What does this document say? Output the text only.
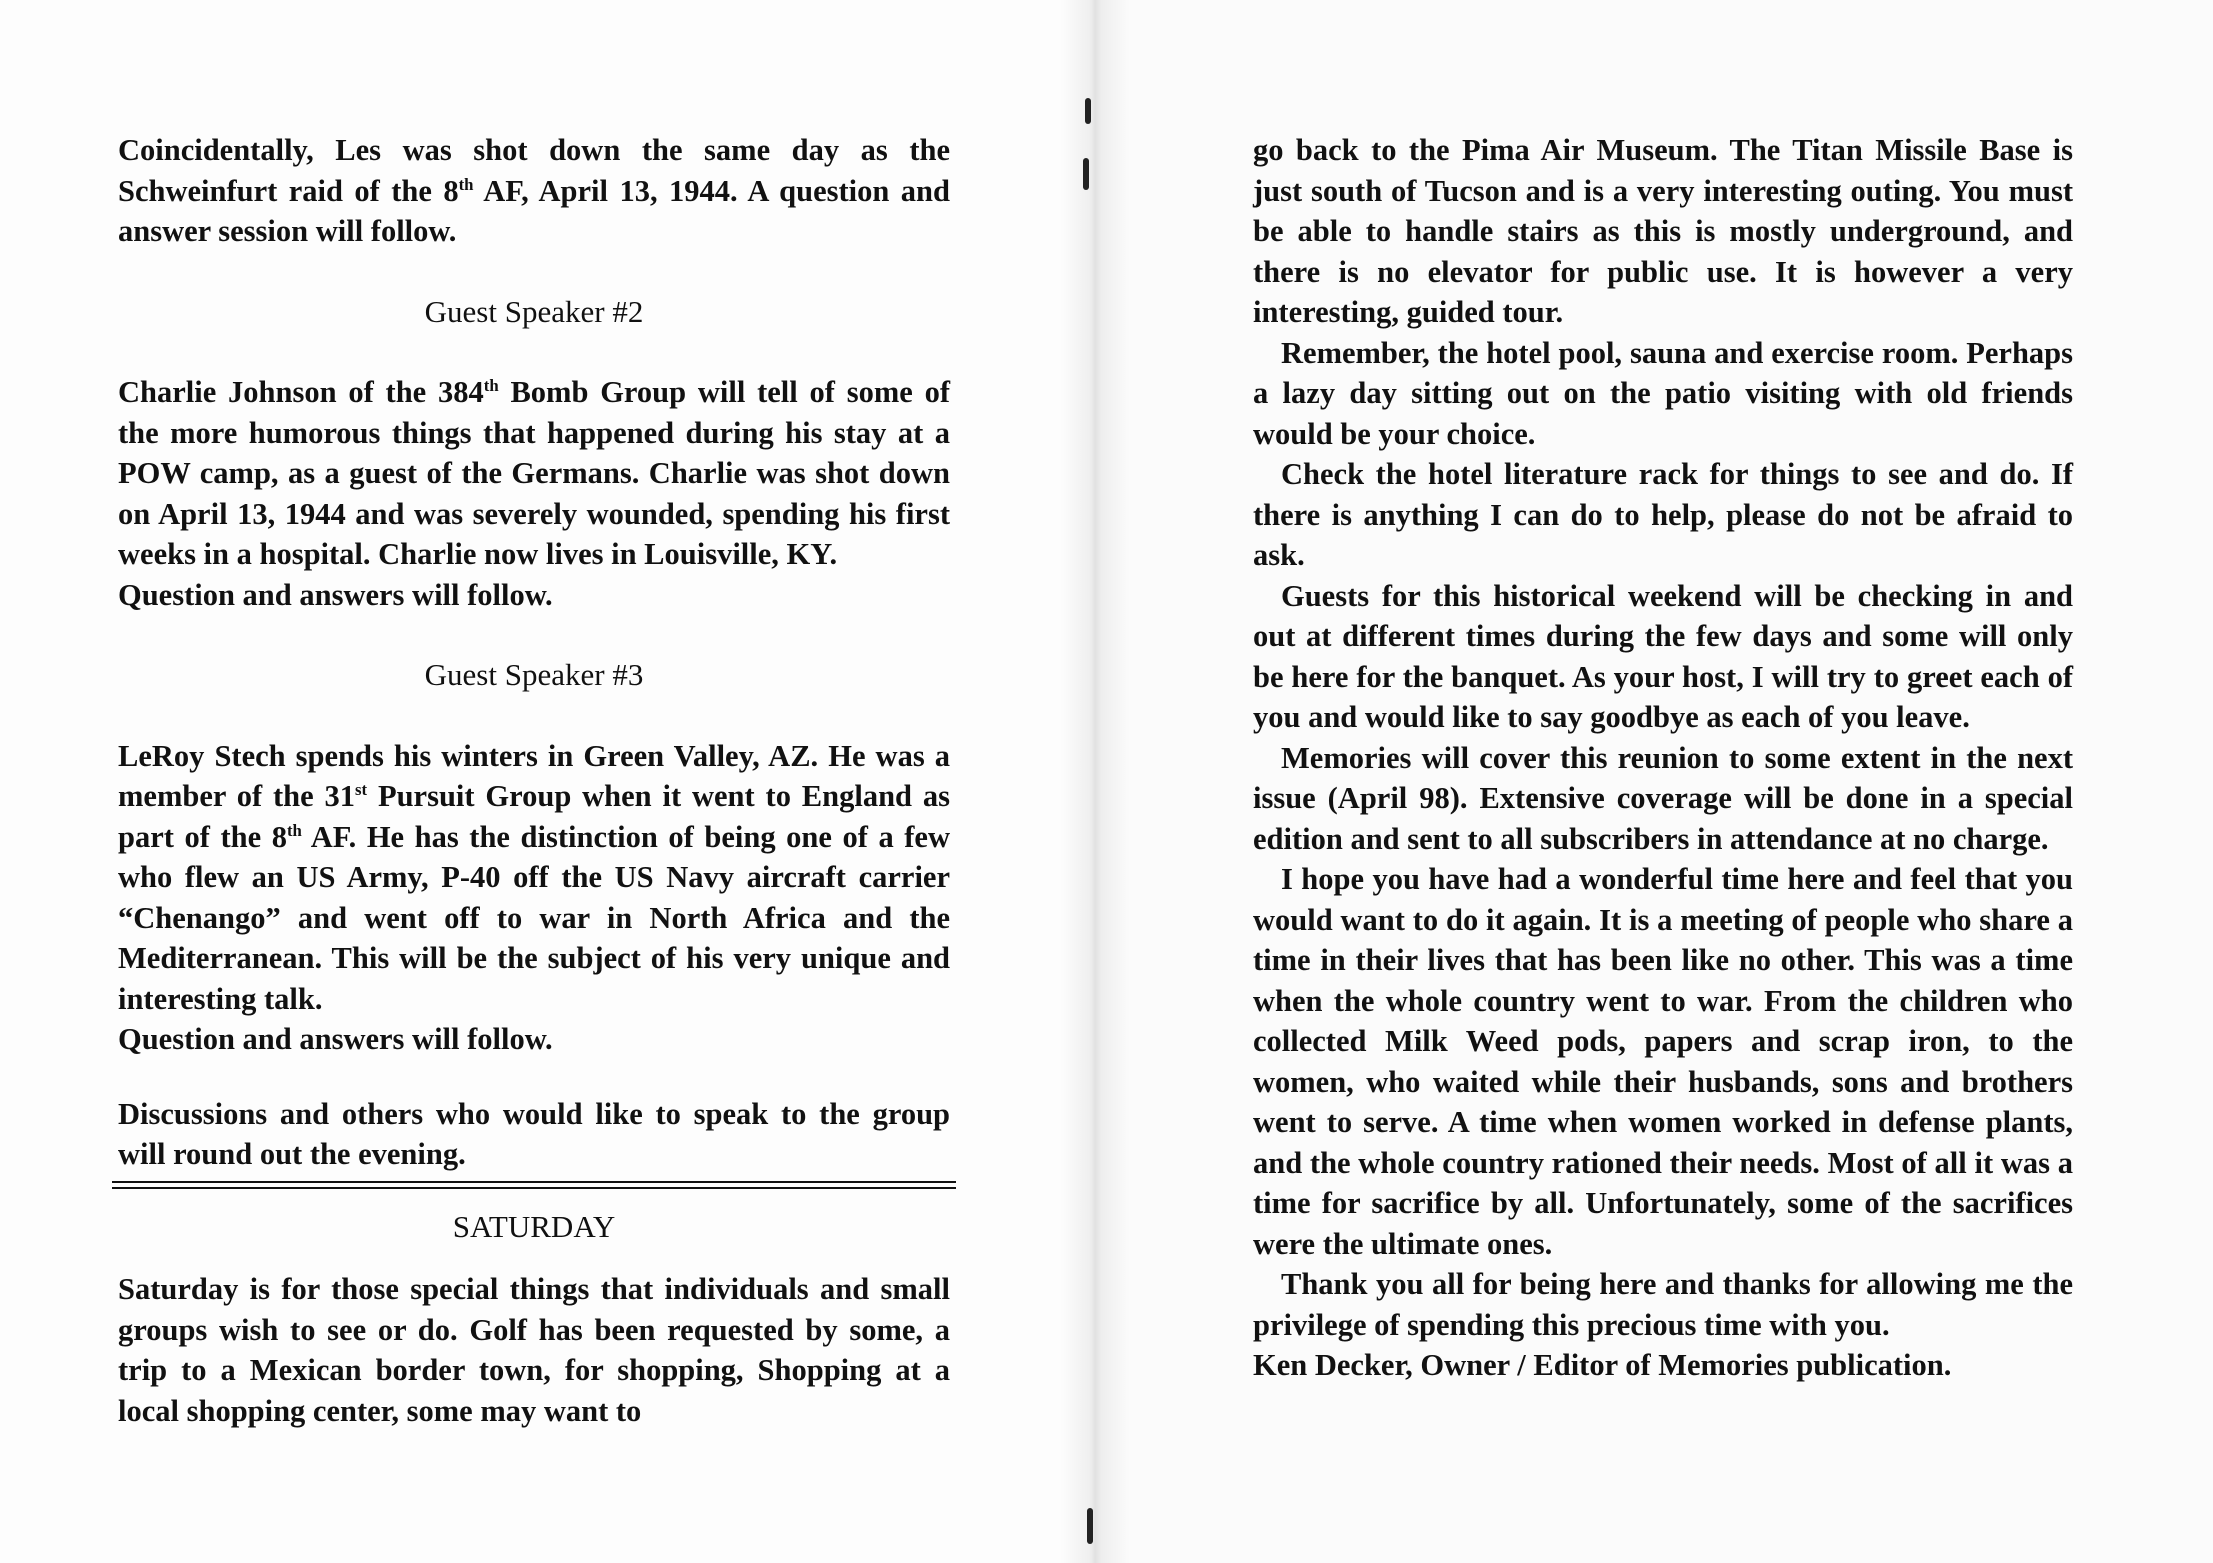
Coincidentally, Les was shot down the same day as the Schweinfurt raid of the 8th AF, April 13, 1944. A question and answer session will follow.

Guest Speaker #2

Charlie Johnson of the 384th Bomb Group will tell of some of the more humorous things that happened during his stay at a POW camp, as a guest of the Germans. Charlie was shot down on April 13, 1944 and was severely wounded, spending his first weeks in a hospital. Charlie now lives in Louisville, KY.

Question and answers will follow.

Guest Speaker #3

LeRoy Stech spends his winters in Green Valley, AZ. He was a member of the 31st Pursuit Group when it went to England as part of the 8th AF. He has the distinction of being one of a few who flew an US Army, P-40 off the US Navy aircraft carrier “Chenango” and went off to war in North Africa and the Mediterranean. This will be the subject of his very unique and interesting talk.

Question and answers will follow.

Discussions and others who would like to speak to the group will round out the evening.

SATURDAY

Saturday is for those special things that individuals and small groups wish to see or do. Golf has been requested by some, a trip to a Mexican border town, for shopping, Shopping at a local shopping center, some may want to

go back to the Pima Air Museum. The Titan Missile Base is just south of Tucson and is a very interesting outing. You must be able to handle stairs as this is mostly underground, and there is no elevator for public use. It is however a very interesting, guided tour.

Remember, the hotel pool, sauna and exercise room. Perhaps a lazy day sitting out on the patio visiting with old friends would be your choice.

Check the hotel literature rack for things to see and do. If there is anything I can do to help, please do not be afraid to ask.

Guests for this historical weekend will be checking in and out at different times during the few days and some will only be here for the banquet. As your host, I will try to greet each of you and would like to say goodbye as each of you leave.

Memories will cover this reunion to some extent in the next issue (April 98). Extensive coverage will be done in a special edition and sent to all subscribers in attendance at no charge.

I hope you have had a wonderful time here and feel that you would want to do it again. It is a meeting of people who share a time in their lives that has been like no other. This was a time when the whole country went to war. From the children who collected Milk Weed pods, papers and scrap iron, to the women, who waited while their husbands, sons and brothers went to serve. A time when women worked in defense plants, and the whole country rationed their needs. Most of all it was a time for sacrifice by all. Unfortunately, some of the sacrifices were the ultimate ones.

Thank you all for being here and thanks for allowing me the privilege of spending this precious time with you.

Ken Decker, Owner / Editor of Memories publication.
